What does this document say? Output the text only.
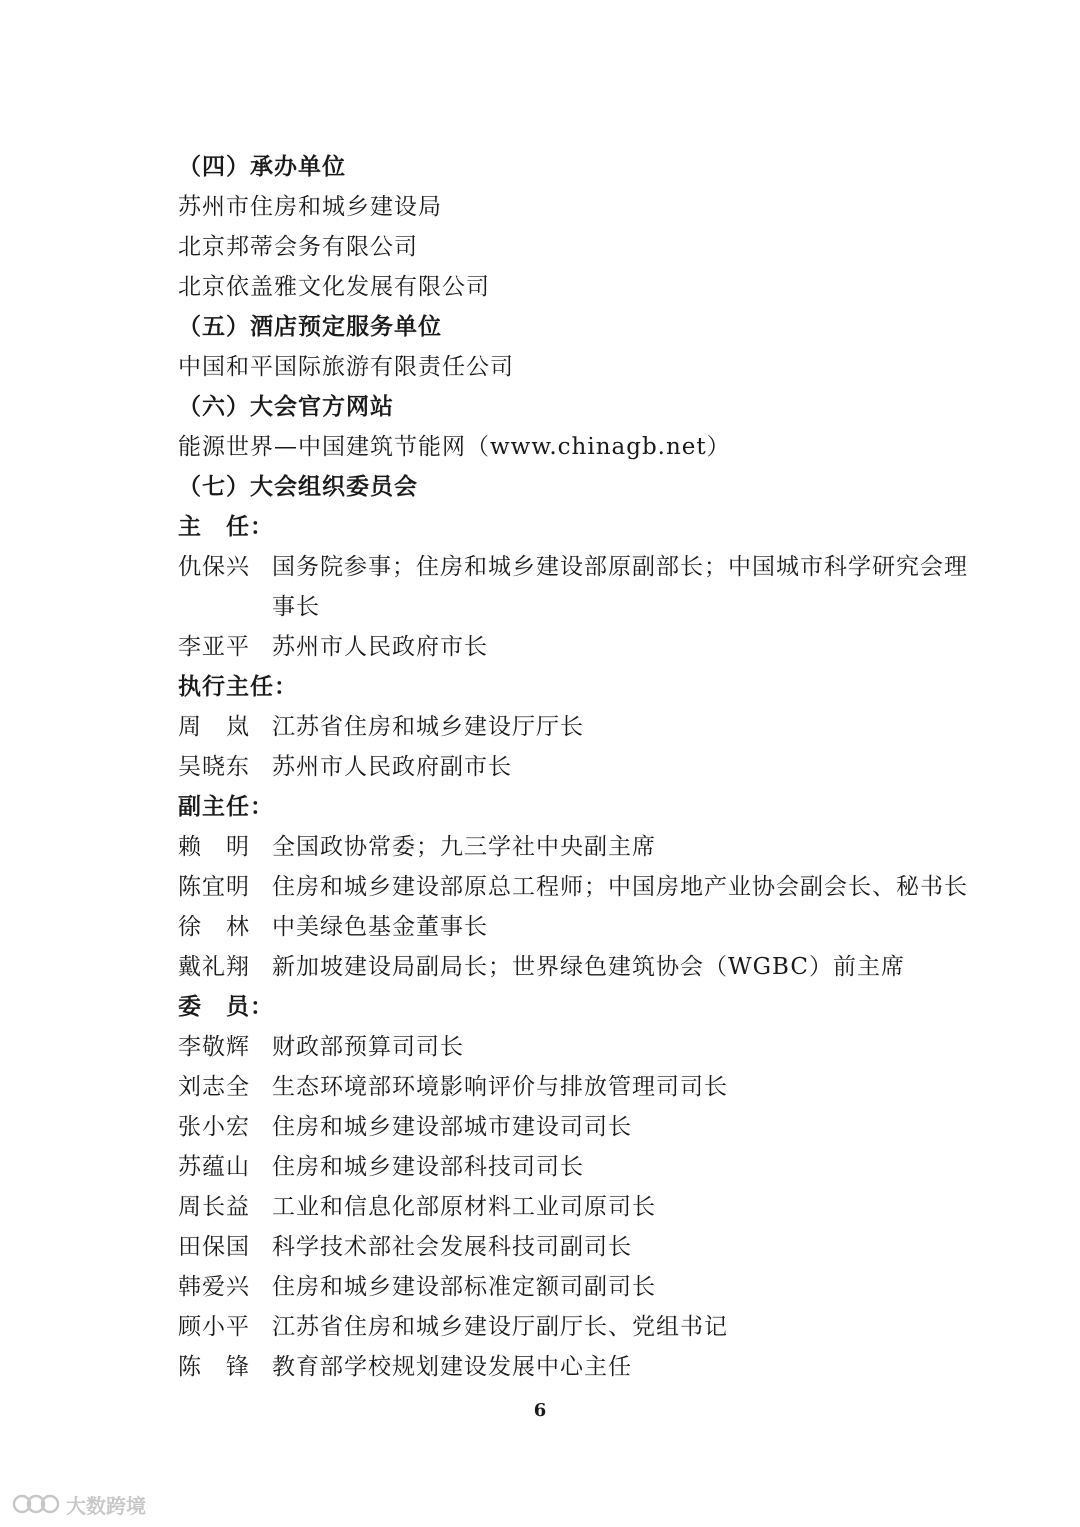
（四）承办单位
苏州市住房和城乡建设局
北京邦蒂会务有限公司
北京依盖雅文化发展有限公司
（五）酒店预定服务单位
中国和平国际旅游有限责任公司
（六）大会官方网站
能源世界—中国建筑节能网（www.chinagb.net）
（七）大会组织委员会
主　任：
仇保兴 国务院参事；住房和城乡建设部原副部长；中国城市科学研究会理
事长
李亚平 苏州市人民政府市长
执行主任：
周　岚 江苏省住房和城乡建设厅厅长
吴晓东 苏州市人民政府副市长
副主任：
赖　明 全国政协常委；九三学社中央副主席
陈宜明 住房和城乡建设部原总工程师；中国房地产业协会副会长、秘书长
徐　林 中美绿色基金董事长
戴礼翔 新加坡建设局副局长；世界绿色建筑协会（WGBC）前主席
委　员：
李敬辉 财政部预算司司长
刘志全 生态环境部环境影响评价与排放管理司司长
张小宏 住房和城乡建设部城市建设司司长
苏蕴山 住房和城乡建设部科技司司长
周长益 工业和信息化部原材料工业司原司长
田保国 科学技术部社会发展科技司副司长
韩爱兴 住房和城乡建设部标准定额司副司长
顾小平 江苏省住房和城乡建设厅副厅长、党组书记
陈　锋 教育部学校规划建设发展中心主任
6
大数跨境
